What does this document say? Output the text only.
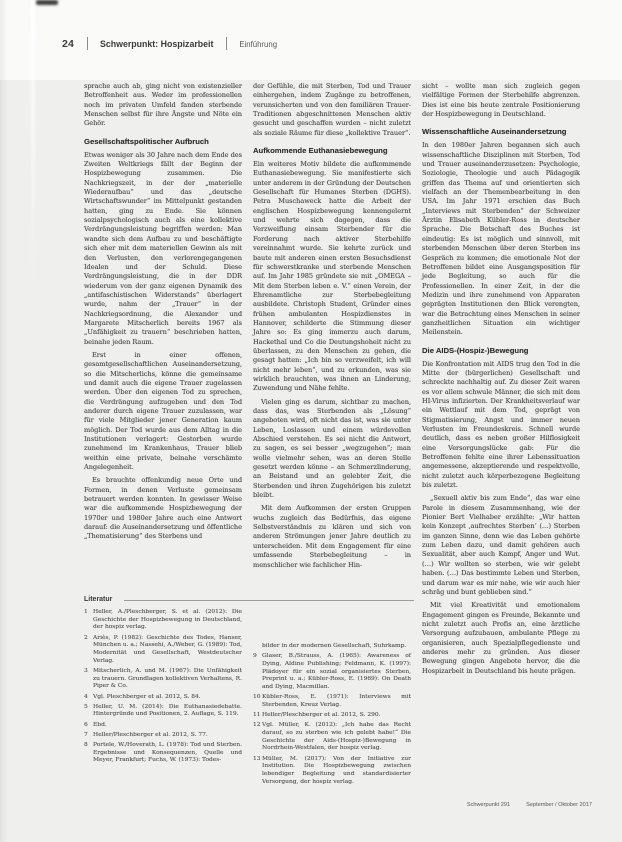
24	Schwerpunkt: Hospizarbeit	Einführung
sprache auch ab, ging nicht von existenzieller Betroffenheit aus. Weder im professionellen noch im privaten Umfeld fanden sterbende Menschen selbst für ihre Ängste und Nöte ein Gehör.
Gesellschaftspolitischer Aufbruch
Etwas weniger als 30 Jahre nach dem Ende des Zweiten Weltkriegs fällt der Beginn der Hospizbewegung zusammen. Die Nachkriegszeit, in der der „materielle Wiederaufbau“ und das „deutsche Wirtschaftswunder“ im Mittelpunkt gestanden hatten, ging zu Ende. Sie können sozialpsychologisch auch als eine kollektive Verdrängungsleistung begriffen werden: Man wandte sich dem Aufbau zu und beschäftigte sich eher mit dem materiellen Gewinn als mit den Verlusten, den verlorengegangenen Idealen und der Schuld. Diese Verdrängungsleistung, die in der DDR wiederum von der ganz eigenen Dynamik des „antifaschistischen Widerstands“ überlagert wurde, nahm der „Trauer“ in der Nachkriegsordnung, die Alexander und Margarete Mitscherlich bereits 1967 als „Unfähigkeit zu trauern“ beschrieben hatten, beinahe jeden Raum.
Erst in einer offenen, gesamtgesellschaftlichen Auseinandersetzung, so die Mitscherlichs, könne die gemeinsame und damit auch die eigene Trauer zugelassen werden. Über den eigenen Tod zu sprechen, die Verdrängung aufzugeben und den Tod anderer durch eigene Trauer zuzulassen, war für viele Mitglieder jener Generation kaum möglich. Der Tod wurde aus dem Alltag in die Institutionen verlagert: Gestorben wurde zunehmend im Krankenhaus, Trauer blieb weithin eine private, beinahe verschämte Angelegenheit.
Es brauchte offenkundig neue Orte und Formen, in denen Verluste gemeinsam betrauert werden konnten. In gewisser Weise war die aufkommende Hospizbewegung der 1970er und 1980er Jahre auch eine Antwort darauf: die Auseinandersetzung und öffentliche „Thematisierung“ des Sterbens und
der Gefühle, die mit Sterben, Tod und Trauer einhergehen, indem Zugänge zu betroffenen, verunsicherten und von den familiären Trauer-Traditionen abgeschnittenen Menschen aktiv gesucht und geschaffen wurden – nicht zuletzt als soziale Räume für diese „kollektive Trauer“.
Aufkommende Euthanasiebewegung
Ein weiteres Motiv bildete die aufkommende Euthanasiebewegung. Sie manifestierte sich unter anderem in der Gründung der Deutschen Gesellschaft für Humanes Sterben (DGHS). Petra Muschaweck hatte die Arbeit der englischen Hospizbewegung kennengelernt und wehrte sich dagegen, dass die Verzweiflung einsam Sterbender für die Forderung nach aktiver Sterbehilfe vereinnahmt wurde. Sie kehrte zurück und baute mit anderen einen ersten Besuchsdienst für schwerstkranke und sterbende Menschen auf. Im Jahr 1985 gründete sie mit „OMEGA – Mit dem Sterben leben e. V.“ einen Verein, der Ehrenamtliche zur Sterbebegleitung ausbildete. Christoph Student, Gründer eines frühen ambulanten Hospizdienstes in Hannover, schilderte die Stimmung dieser Jahre so: Es ging immerzu auch darum, Hackethal und Co die Deutungshoheit nicht zu überlassen, zu den Menschen zu gehen, die gesagt hatten: „Ich bin so verzweifelt, ich will nicht mehr leben“, und zu erkunden, was sie wirklich brauchten, was ihnen an Linderung, Zuwendung und Nähe fehlte.
Vielen ging es darum, sichtbar zu machen, dass das, was Sterbenden als „Lösung“ angeboten wird, oft nicht das ist, was sie unter Leben, Loslassen und einem würdevollen Abschied verstehen. Es sei nicht die Antwort, zu sagen, es sei besser „wegzugehen“; man wolle vielmehr sehen, was an deren Stelle gesetzt werden könne – an Schmerzlinderung, an Beistand und an gelebter Zeit, die Sterbenden und ihren Zugehörigen bis zuletzt bleibt.
Mit dem Aufkommen der ersten Gruppen wuchs zugleich das Bedürfnis, das eigene Selbstverständnis zu klären und sich von anderen Strömungen jener Jahre deutlich zu unterscheiden. Mit dem Engagement für eine umfassende Sterbebegleitung – in menschlicher wie fachlicher Hin-
sicht – wollte man sich zugleich gegen vielfältige Formen der Sterbehilfe abgrenzen. Dies ist eine bis heute zentrale Positionierung der Hospizbewegung in Deutschland.
Wissenschaftliche Auseinandersetzung
In den 1980er Jahren begannen sich auch wissenschaftliche Disziplinen mit Sterben, Tod und Trauer auseinanderzusetzen: Psychologie, Soziologie, Theologie und auch Pädagogik griffen das Thema auf und orientierten sich vielfach an der Themenbearbeitung in den USA. Im Jahr 1971 erschien das Buch „Interviews mit Sterbenden“ der Schweizer Ärztin Elisabeth Kübler-Ross in deutscher Sprache. Die Botschaft des Buches ist eindeutig: Es ist möglich und sinnvoll, mit sterbenden Menschen über deren Sterben ins Gespräch zu kommen; die emotionale Not der Betroffenen bildet eine Ausgangsposition für jede Begleitung, so auch für die Professionellen. In einer Zeit, in der die Medizin und ihre zunehmend von Apparaten geprägten Institutionen den Blick verengten, war die Betrachtung eines Menschen in seiner ganzheitlichen Situation ein wichtiger Meilenstein.
Die AIDS-(Hospiz-)Bewegung
Die Konfrontation mit AIDS trug den Tod in die Mitte der (bürgerlichen) Gesellschaft und schreckte nachhaltig auf. Zu dieser Zeit waren es vor allem schwule Männer, die sich mit dem HI-Virus infizierten. Der Krankheitsverlauf war ein Wettlauf mit dem Tod, geprägt von Stigmatisierung, Angst und immer neuen Verlusten im Freundeskreis. Schnell wurde deutlich, dass es neben großer Hilflosigkeit eine Versorgungslücke gab: Für die Betroffenen fehlte eine ihrer Lebenssituation angemessene, akzeptierende und respektvolle, nicht zuletzt auch körperbezogene Begleitung bis zuletzt.
„Sexuell aktiv bis zum Ende“, das war eine Parole in diesem Zusammenhang, wie der Pionier Bert Vielhaber erzählte: „Wir hatten kein Konzept ‚aufrechtes Sterben‘ (…) Sterben im ganzen Sinne, denn wie das Leben gehörte zum Leben dazu, und damit gehören auch Sexualität, aber auch Kampf, Anger und Wut. (…) Wir wollten so sterben, wie wir gelebt haben. (…) Das bestimmte Leben und Sterben, und darum war es mir nahe, wie wir auch hier schräg und bunt geblieben sind.“
Mit viel Kreativität und emotionalem Engagement gingen es Freunde, Bekannte und nicht zuletzt auch Profis an, eine ärztliche Versorgung aufzubauen, ambulante Pflege zu organisieren, auch Spezialpflegedienste und anderes mehr zu gründen. Aus dieser Bewegung gingen Angebote hervor, die die Hospizarbeit in Deutschland bis heute prägen.
Literatur
1 Heller, A./Pleschberger, S. et al. (2012): Die Geschichte der Hospizbewegung in Deutschland, der hospiz verlag.
2 Ariès, P. (1982): Geschichte des Todes, Hanser, München u. a.; Nassehi, A./Weber, G. (1989): Tod, Modernität und Gesellschaft, Westdeutscher Verlag.
3 Mitscherlich, A. und M. (1967): Die Unfähigkeit zu trauern. Grundlagen kollektiven Verhaltens, R. Piper & Co.
4 Vgl. Pleschberger et al. 2012, S. 84.
5 Heller, U. M. (2014): Die Euthanasiedebatte. Hintergründe und Positionen, 2. Auflage, S. 119.
6 Ebd.
7 Heller/Pleschberger et al. 2012, S. 77.
8 Portele, W./Hoverath, L. (1978): Tod und Sterben. Ergebnisse und Konsequenzen, Quelle und Meyer, Frankfurt; Fuchs, W. (1973): Todes-
bilder in der modernen Gesellschaft, Suhrkamp.
9 Glaser, B./Strauss, A. (1965): Awareness of Dying, Aldine Publishing; Feldmann, K. (1997): Plädoyer für ein sozial organisiertes Sterben, Preprint u. a.; Kübler-Ross, E. (1969): On Death and Dying, Macmillan.
10 Kübler-Ross, E. (1971): Interviews mit Sterbenden, Kreuz Verlag.
11 Heller/Pleschberger et al. 2012, S. 290.
12 Vgl. Müller, K. (2012): „Ich habe das Recht darauf, so zu sterben wie ich gelebt habe!“ Die Geschichte der Aids-(Hospiz-)Bewegung in Nordrhein-Westfalen, der hospiz verlag.
13 Müller, M. (2017): Von der Initiative zur Institution. Die Hospizbewegung zwischen lebendiger Begleitung und standardisierter Versorgung, der hospiz verlag.
Schwerpunkt 291	September / Oktober 2017
